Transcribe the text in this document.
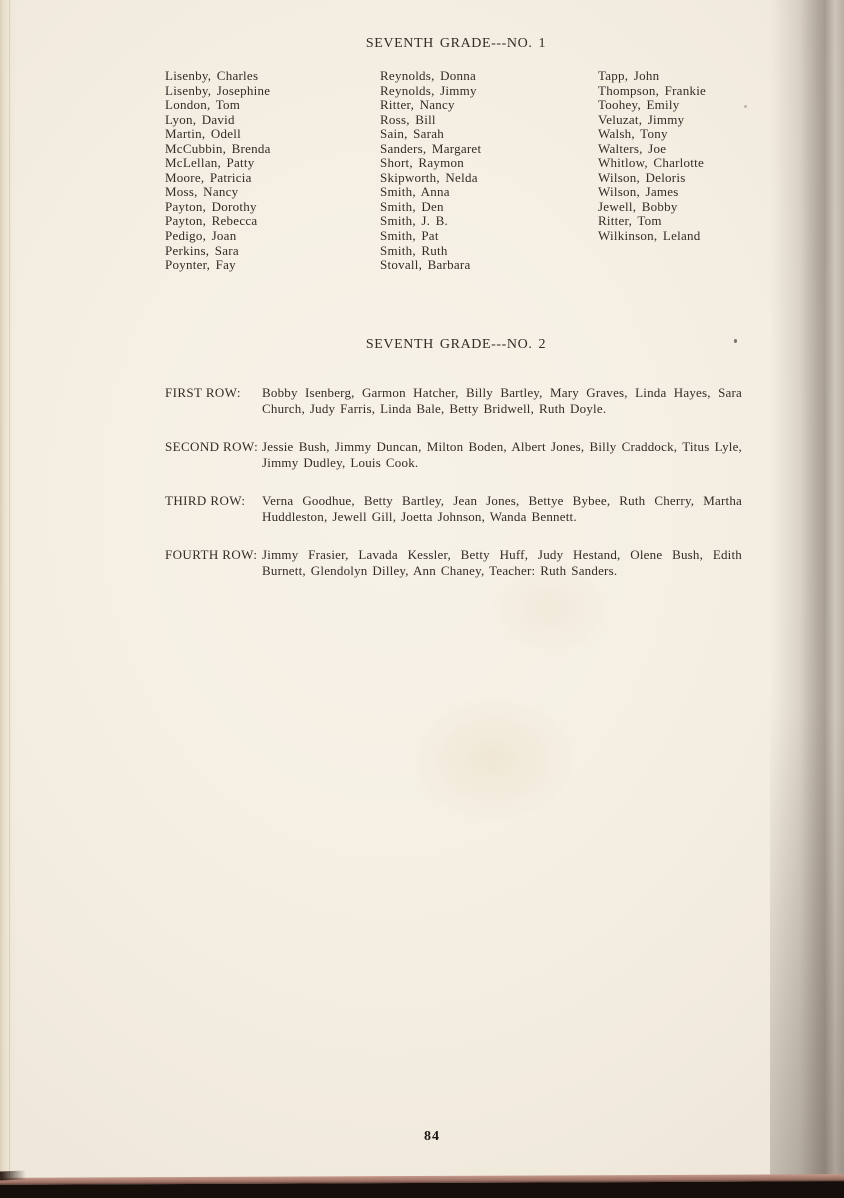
SEVENTH GRADE---NO. 1
Lisenby, Charles
Lisenby, Josephine
London, Tom
Lyon, David
Martin, Odell
McCubbin, Brenda
McLellan, Patty
Moore, Patricia
Moss, Nancy
Payton, Dorothy
Payton, Rebecca
Pedigo, Joan
Perkins, Sara
Poynter, Fay
Reynolds, Donna
Reynolds, Jimmy
Ritter, Nancy
Ross, Bill
Sain, Sarah
Sanders, Margaret
Short, Raymon
Skipworth, Nelda
Smith, Anna
Smith, Den
Smith, J. B.
Smith, Pat
Smith, Ruth
Stovall, Barbara
Tapp, John
Thompson, Frankie
Toohey, Emily
Veluzat, Jimmy
Walsh, Tony
Walters, Joe
Whitlow, Charlotte
Wilson, Deloris
Wilson, James
Jewell, Bobby
Ritter, Tom
Wilkinson, Leland
SEVENTH GRADE---NO. 2
FIRST ROW:	Bobby Isenberg, Garmon Hatcher, Billy Bartley, Mary Graves, Linda Hayes, Sara Church, Judy Farris, Linda Bale, Betty Bridwell, Ruth Doyle.
SECOND ROW: Jessie Bush, Jimmy Duncan, Milton Boden, Albert Jones, Billy Craddock, Titus Lyle, Jimmy Dudley, Louis Cook.
THIRD ROW:	Verna Goodhue, Betty Bartley, Jean Jones, Bettye Bybee, Ruth Cherry, Martha Huddleston, Jewell Gill, Joetta Johnson, Wanda Bennett.
FOURTH ROW: Jimmy Frasier, Lavada Kessler, Betty Huff, Judy Hestand, Olene Bush, Edith Burnett, Glendolyn Dilley, Ann Chaney, Teacher: Ruth Sanders.
84
